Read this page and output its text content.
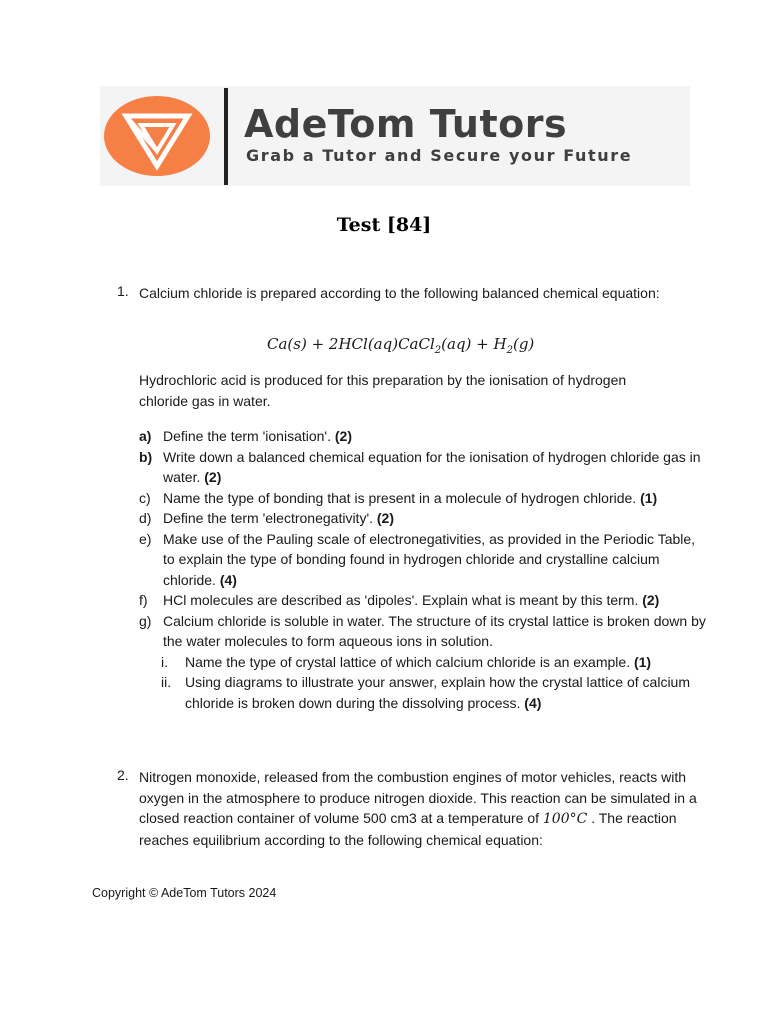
AdeTom Tutors
Grab a Tutor and Secure your Future
Test [84]
1. Calcium chloride is prepared according to the following balanced chemical equation:
Ca(s) + 2HCl(aq)CaCl$_2$(aq) + $H_2(g)$
Hydrochloric acid is produced for this preparation by the ionisation of hydrogen chloride gas in water.
a) Define the term 'ionisation'. (2)
b) Write down a balanced chemical equation for the ionisation of hydrogen chloride gas in water. (2)
c) Name the type of bonding that is present in a molecule of hydrogen chloride. (1)
d) Define the term 'electronegativity'. (2)
e) Make use of the Pauling scale of electronegativities, as provided in the Periodic Table, to explain the type of bonding found in hydrogen chloride and crystalline calcium chloride. (4)
f) HCl molecules are described as 'dipoles'. Explain what is meant by this term. (2)
g) Calcium chloride is soluble in water. The structure of its crystal lattice is broken down by the water molecules to form aqueous ions in solution.
i. Name the type of crystal lattice of which calcium chloride is an example. (1)
ii. Using diagrams to illustrate your answer, explain how the crystal lattice of calcium chloride is broken down during the dissolving process. (4)
2. Nitrogen monoxide, released from the combustion engines of motor vehicles, reacts with oxygen in the atmosphere to produce nitrogen dioxide. This reaction can be simulated in a closed reaction container of volume 500 cm3 at a temperature of 100°C . The reaction reaches equilibrium according to the following chemical equation:
Copyright © AdeTom Tutors 2024
